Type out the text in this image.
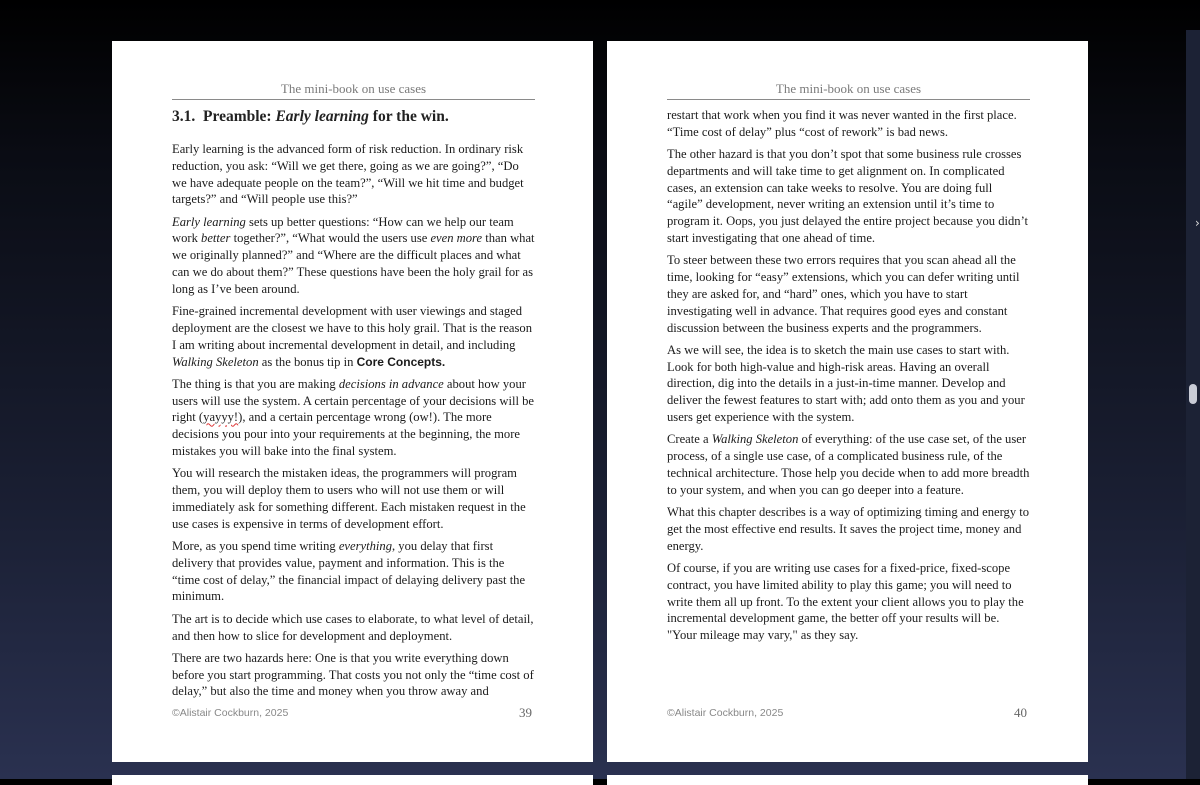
The mini-book on use cases
3.1. Preamble: Early learning for the win.

Early learning is the advanced form of risk reduction. In ordinary risk reduction, you ask: “Will we get there, going as we are going?”, “Do we have adequate people on the team?”, “Will we hit time and budget targets?” and “Will people use this?”

Early learning sets up better questions: “How can we help our team work better together?”, “What would the users use even more than what we originally planned?” and “Where are the difficult places and what can we do about them?” These questions have been the holy grail for as long as I’ve been around.

Fine-grained incremental development with user viewings and staged deployment are the closest we have to this holy grail. That is the reason I am writing about incremental development in detail, and including Walking Skeleton as the bonus tip in Core Concepts.

The thing is that you are making decisions in advance about how your users will use the system. A certain percentage of your decisions will be right (yayyy!), and a certain percentage wrong (ow!). The more decisions you pour into your requirements at the beginning, the more mistakes you will bake into the final system.

You will research the mistaken ideas, the programmers will program them, you will deploy them to users who will not use them or will immediately ask for something different. Each mistaken request in the use cases is expensive in terms of development effort.

More, as you spend time writing everything, you delay that first delivery that provides value, payment and information. This is the “time cost of delay,” the financial impact of delaying delivery past the minimum.

The art is to decide which use cases to elaborate, to what level of detail, and then how to slice for development and deployment.

There are two hazards here: One is that you write everything down before you start programming. That costs you not only the “time cost of delay,” but also the time and money when you throw away and

©Alistair Cockburn, 2025	39
The mini-book on use cases

restart that work when you find it was never wanted in the first place. “Time cost of delay” plus “cost of rework” is bad news.

The other hazard is that you don’t spot that some business rule crosses departments and will take time to get alignment on. In complicated cases, an extension can take weeks to resolve. You are doing full “agile” development, never writing an extension until it’s time to program it. Oops, you just delayed the entire project because you didn’t start investigating that one ahead of time.

To steer between these two errors requires that you scan ahead all the time, looking for “easy” extensions, which you can defer writing until they are asked for, and “hard” ones, which you have to start investigating well in advance. That requires good eyes and constant discussion between the business experts and the programmers.

As we will see, the idea is to sketch the main use cases to start with. Look for both high-value and high-risk areas. Having an overall direction, dig into the details in a just-in-time manner. Develop and deliver the fewest features to start with; add onto them as you and your users get experience with the system.

Create a Walking Skeleton of everything: of the use case set, of the user process, of a single use case, of a complicated business rule, of the technical architecture. Those help you decide when to add more breadth to your system, and when you can go deeper into a feature.

What this chapter describes is a way of optimizing timing and energy to get the most effective end results. It saves the project time, money and energy.

Of course, if you are writing use cases for a fixed-price, fixed-scope contract, you have limited ability to play this game; you will need to write them all up front. To the extent your client allows you to play the incremental development game, the better off your results will be. "Your mileage may vary," as they say.

©Alistair Cockburn, 2025	40
›
